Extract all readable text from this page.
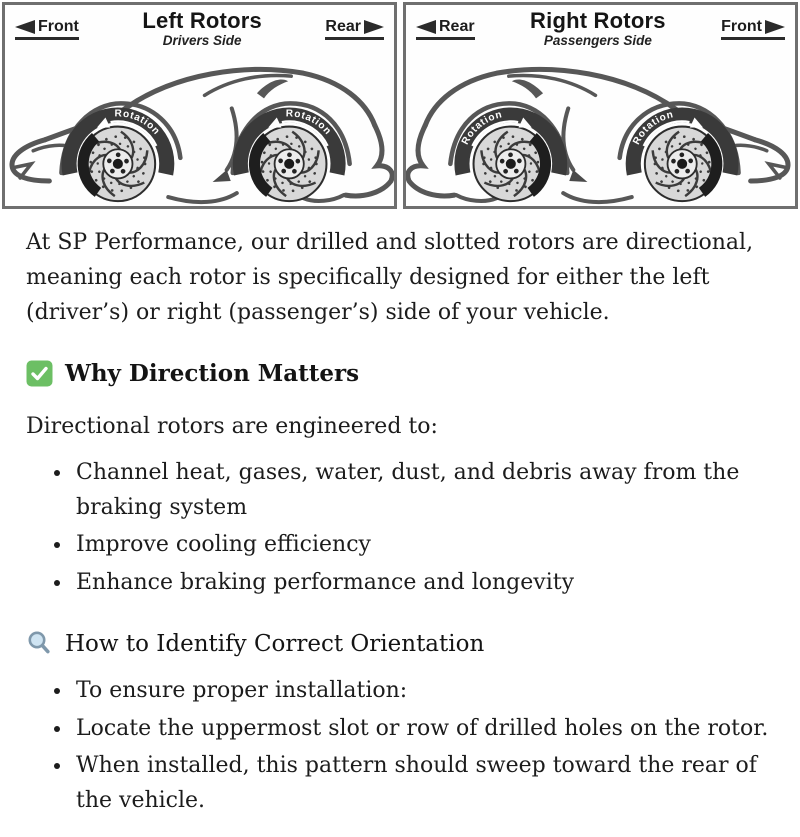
Front	Left Rotors
Drivers Side
Rear
Rotation
Rotation
Rear	Right Rotors
Passengers Side
Front
Rotation
Rotation

At SP Performance, our drilled and slotted rotors are directional, meaning each rotor is specifically designed for either the left (driver’s) or right (passenger’s) side of your vehicle.

Why Direction Matters

Directional rotors are engineered to:

• Channel heat, gases, water, dust, and debris away from the braking system
• Improve cooling efficiency
• Enhance braking performance and longevity
How to Identify Correct Orientation
• To ensure proper installation:
• Locate the uppermost slot or row of drilled holes on the rotor.
• When installed, this pattern should sweep toward the rear of the vehicle.
